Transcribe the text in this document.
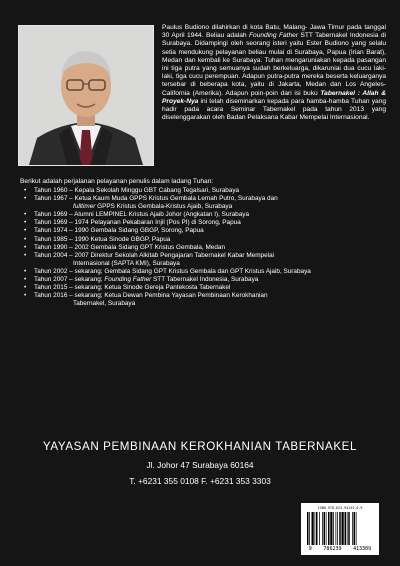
Paulus Budiono dilahirkan di kota Batu, Malang- Jawa Timur pada tanggal 30 April 1944. Beliau adalah Founding Father STT Tabernakel Indonesia di Surabaya. Didampingi oleh seorang isteri yaitu Ester Budiono yang selalu setia mendukung pelayanan beliau mulai di Surabaya, Papua (Irian Barat), Medan dan kembali ke Surabaya. Tuhan mengaruniakan kepada pasangan ini tiga putra yang semuanya sudah berkeluarga, dikaruniai dua cucu laki-laki, tiga cucu perempuan. Adapun putra-putra mereka beserta keluarganya tersebar di beberapa kota, yaitu di Jakarta, Medan dan Los Angeles-California (Amerika). Adapun poin-poin dari isi buku Tabernakel : Allah & Proyek-Nya ini telah diseminarkan kepada para hamba-hamba Tuhan yang hadir pada acara Seminar Tabernakel pada tahun 2013 yang diselenggarakan oleh Badan Pelaksana Kabar Mempelai Internasional.

Berikut adalah perjalanan pelayanan penulis dalam ladang Tuhan:
• Tahun 1960 – Kepala Sekolah Minggu GBT Cabang Tegalsari, Surabaya
• Tahun 1967 – Ketua Kaum Muda GPPS Kristus Gembala Lemah Putro, Surabaya dan
fulltimer GPPS Kristus Gembala-Kristus Ajaib, Surabaya
• Tahun 1969 – Alumni LEMPINEL Kristus Ajaib Johor (Angkatan I), Surabaya
• Tahun 1969 – 1974 Pelayanan Pekabaran Injil (Pos PI) di Sorong, Papua
• Tahun 1974 – 1990 Gembala Sidang GBGP, Sorong, Papua
• Tahun 1985 – 1990 Ketua Sinode GBGP, Papua
• Tahun 1990 – 2002 Gembala Sidang GPT Kristus Gembala, Medan
• Tahun 2004 – 2007 Direktur Sekolah Alkitab Pengajaran Tabernakel Kabar Mempelai
Internasional (SAPTA KMI), Surabaya
• Tahun 2002 – sekarang; Gembala Sidang GPT Kristus Gembala dan GPT Kristus Ajaib, Surabaya
• Tahun 2007 – sekarang; Founding Father STT Tabernakel Indonesia, Surabaya
• Tahun 2015 – sekarang; Ketua Sinode Gereja Pantekosta Tabernakel
• Tahun 2016 – sekarang; Ketua Dewan Pembina Yayasan Pembinaan Kerokhanian
Tabernakel, Surabaya
YAYASAN PEMBINAAN KEROKHANIAN TABERNAKEL
Jl. Johor 47 Surabaya 60164
T. +6231 355 0108 F. +6231 353 3303
ISBN 978-623-94133-0-9
9 786239 413309
